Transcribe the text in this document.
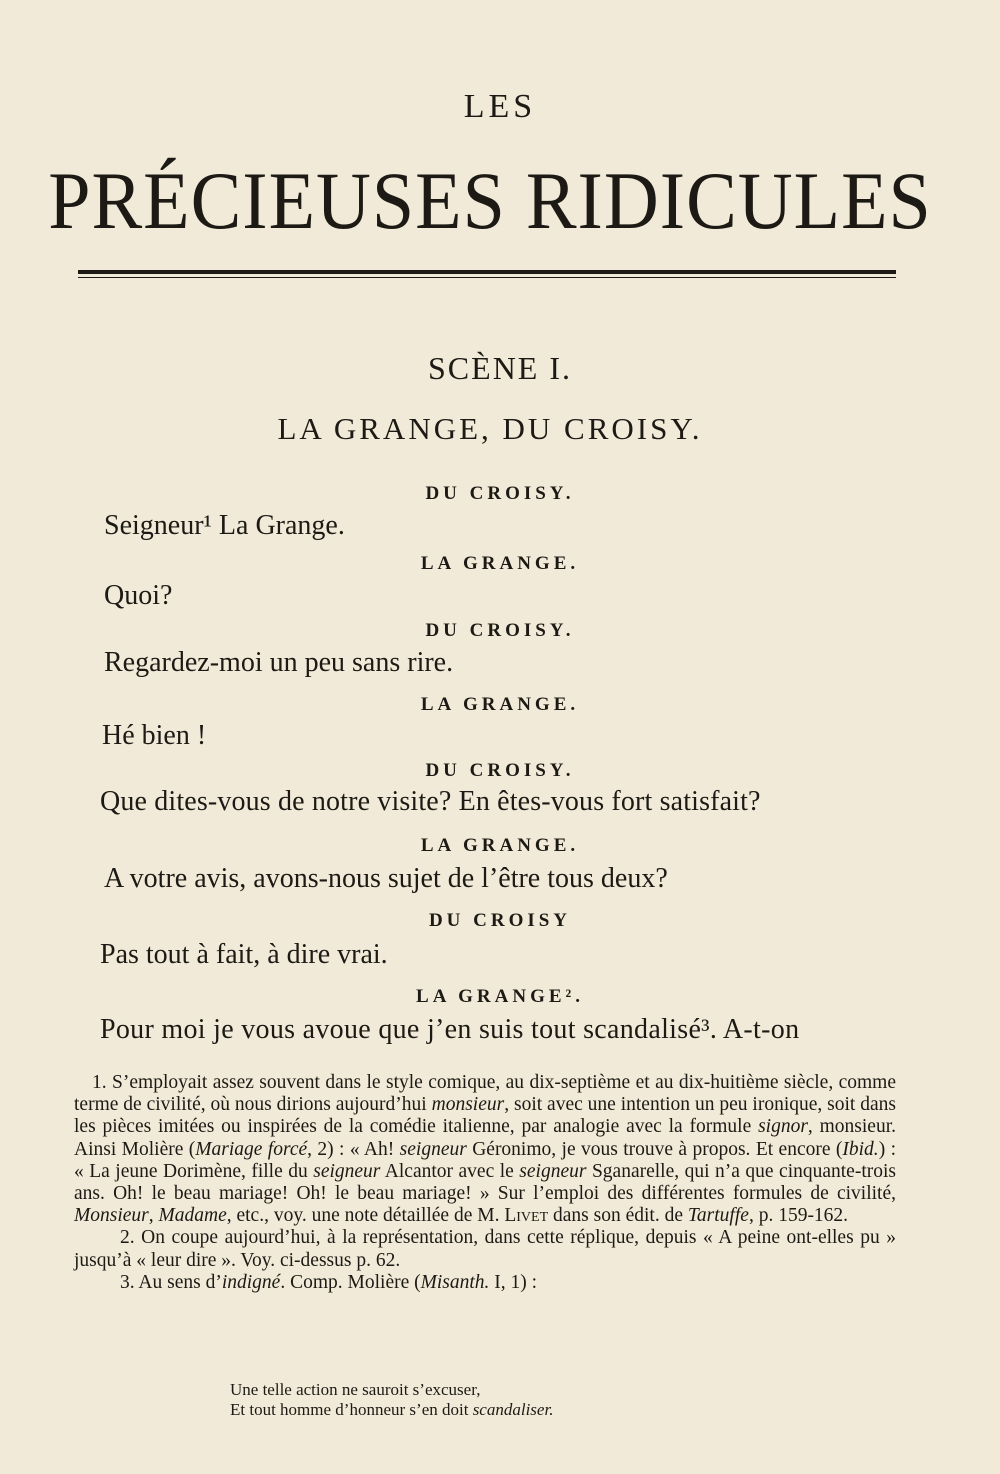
LES
PRÉCIEUSES RIDICULES
SCÈNE I.
LA GRANGE, DU CROISY.
DU CROISY.
Seigneur¹ La Grange.
LA GRANGE.
Quoi?
DU CROISY.
Regardez-moi un peu sans rire.
LA GRANGE.
Hé bien !
DU CROISY.
Que dites-vous de notre visite? En êtes-vous fort satisfait?
LA GRANGE.
A votre avis, avons-nous sujet de l’être tous deux?
DU CROISY
Pas tout à fait, à dire vrai.
LA GRANGE².
Pour moi je vous avoue que j’en suis tout scandalisé³. A-t-on
1. S’employait assez souvent dans le style comique, au dix-septième et au dix-huitième siècle, comme terme de civilité, où nous dirions aujourd’hui monsieur, soit avec une intention un peu ironique, soit dans les pièces imitées ou inspirées de la comédie italienne, par analogie avec la formule signor, monsieur. Ainsi Molière (Mariage forcé, 2) : « Ah! seigneur Géronimo, je vous trouve à propos. Et encore (Ibid.) : « La jeune Dorimène, fille du seigneur Alcantor avec le seigneur Sganarelle, qui n’a que cinquante-trois ans. Oh! le beau mariage! Oh! le beau mariage! » Sur l’emploi des différentes formules de civilité, Monsieur, Madame, etc., voy. une note détaillée de M. Livet dans son édit. de Tartuffe, p. 159-162.
2. On coupe aujourd’hui, à la représentation, dans cette réplique, depuis « A peine ont-elles pu » jusqu’à « leur dire ». Voy. ci-dessus p. 62.
3. Au sens d’indigné. Comp. Molière (Misanth. I, 1) :
Une telle action ne sauroit s’excuser,
Et tout homme d’honneur s’en doit scandaliser.
